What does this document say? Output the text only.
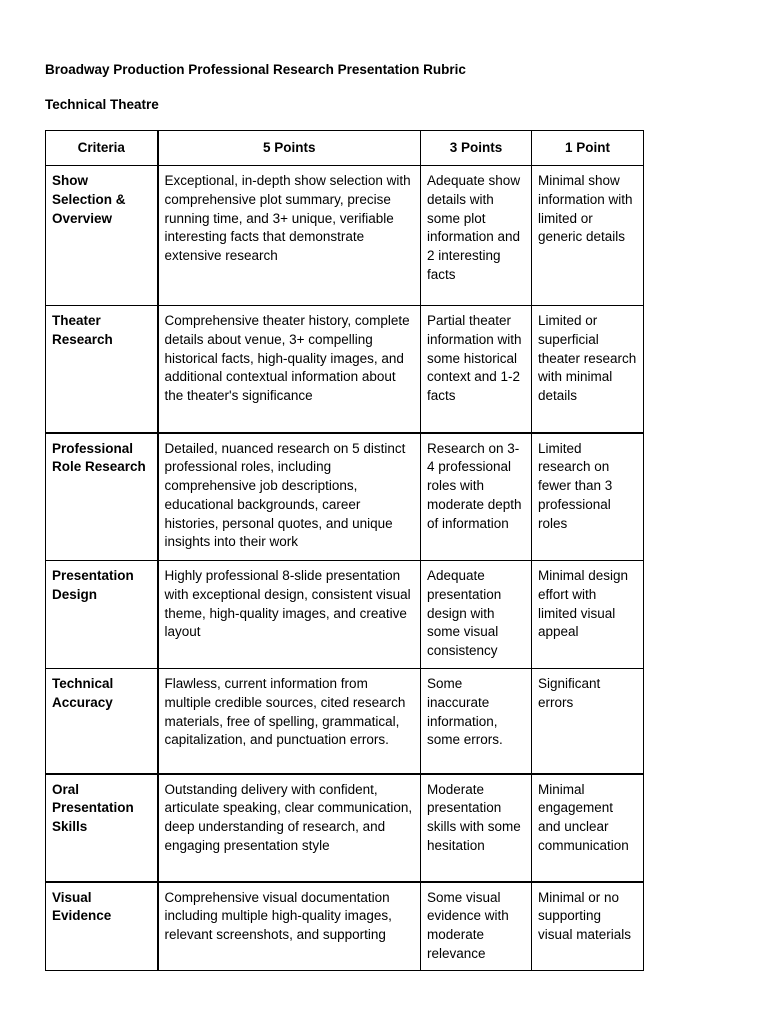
Broadway Production Professional Research Presentation Rubric
Technical Theatre
Criteria	5 Points	3 Points	1 Point
Show Selection & Overview	Exceptional, in-depth show selection with comprehensive plot summary, precise running time, and 3+ unique, verifiable interesting facts that demonstrate extensive research	Adequate show details with some plot information and 2 interesting facts	Minimal show information with limited or generic details
Theater Research	Comprehensive theater history, complete details about venue, 3+ compelling historical facts, high-quality images, and additional contextual information about the theater's significance	Partial theater information with some historical context and 1-2 facts	Limited or superficial theater research with minimal details
Professional Role Research	Detailed, nuanced research on 5 distinct professional roles, including comprehensive job descriptions, educational backgrounds, career histories, personal quotes, and unique insights into their work	Research on 3-4 professional roles with moderate depth of information	Limited research on fewer than 3 professional roles
Presentation Design	Highly professional 8-slide presentation with exceptional design, consistent visual theme, high-quality images, and creative layout	Adequate presentation design with some visual consistency	Minimal design effort with limited visual appeal
Technical Accuracy	Flawless, current information from multiple credible sources, cited research materials, free of spelling, grammatical, capitalization, and punctuation errors.	Some inaccurate information, some errors.	Significant errors
Oral Presentation Skills	Outstanding delivery with confident, articulate speaking, clear communication, deep understanding of research, and engaging presentation style	Moderate presentation skills with some hesitation	Minimal engagement and unclear communication
Visual Evidence	Comprehensive visual documentation including multiple high-quality images, relevant screenshots, and supporting	Some visual evidence with moderate relevance	Minimal or no supporting visual materials
